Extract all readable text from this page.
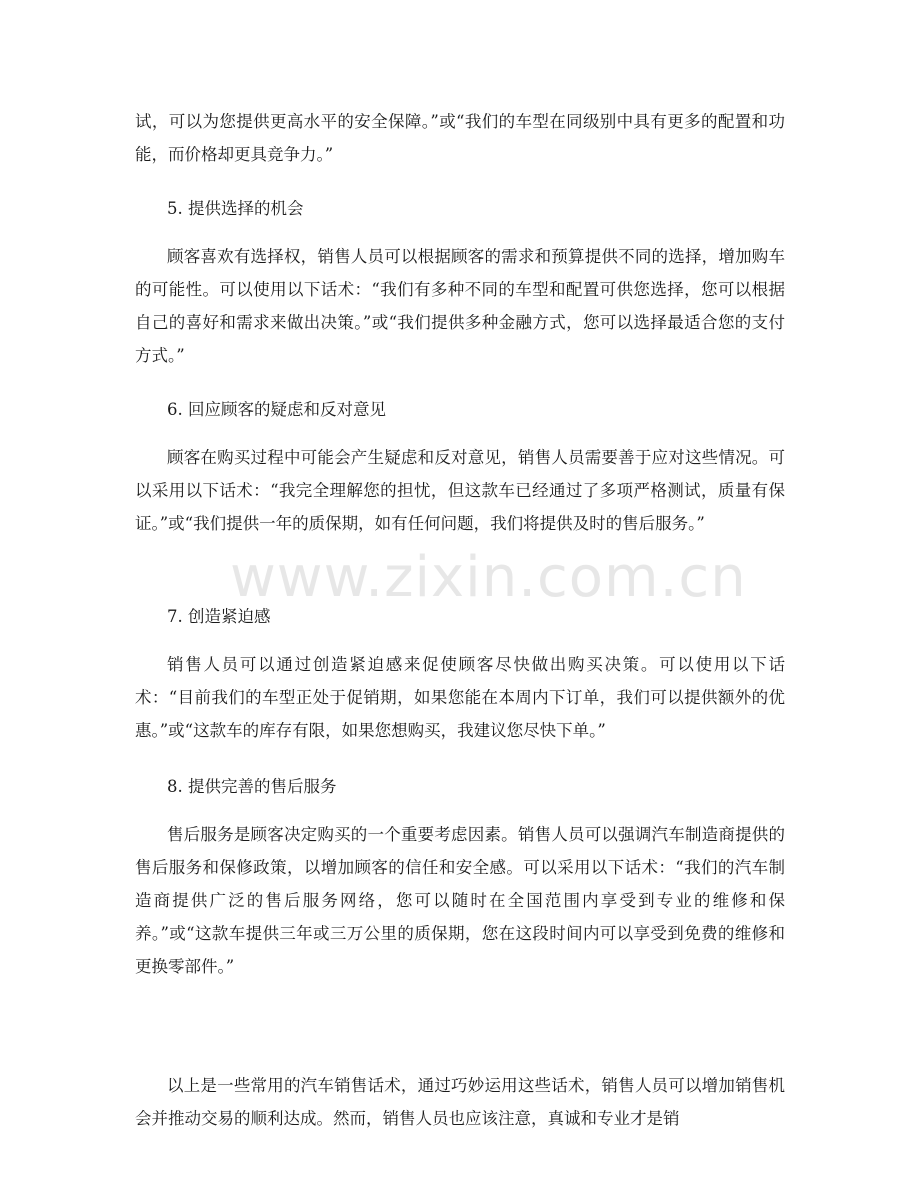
试，可以为您提供更高水平的安全保障。”或“我们的车型在同级别中具有更多的配置和功能，而价格却更具竞争力。”

5. 提供选择的机会

顾客喜欢有选择权，销售人员可以根据顾客的需求和预算提供不同的选择，增加购车的可能性。可以使用以下话术：“我们有多种不同的车型和配置可供您选择，您可以根据自己的喜好和需求来做出决策。”或“我们提供多种金融方式，您可以选择最适合您的支付方式。”

6. 回应顾客的疑虑和反对意见

顾客在购买过程中可能会产生疑虑和反对意见，销售人员需要善于应对这些情况。可以采用以下话术：“我完全理解您的担忧，但这款车已经通过了多项严格测试，质量有保证。”或“我们提供一年的质保期，如有任何问题，我们将提供及时的售后服务。”

7. 创造紧迫感

销售人员可以通过创造紧迫感来促使顾客尽快做出购买决策。可以使用以下话术：“目前我们的车型正处于促销期，如果您能在本周内下订单，我们可以提供额外的优惠。”或“这款车的库存有限，如果您想购买，我建议您尽快下单。”

8. 提供完善的售后服务

售后服务是顾客决定购买的一个重要考虑因素。销售人员可以强调汽车制造商提供的售后服务和保修政策，以增加顾客的信任和安全感。可以采用以下话术：“我们的汽车制造商提供广泛的售后服务网络，您可以随时在全国范围内享受到专业的维修和保养。”或“这款车提供三年或三万公里的质保期，您在这段时间内可以享受到免费的维修和更换零部件。”

以上是一些常用的汽车销售话术，通过巧妙运用这些话术，销售人员可以增加销售机会并推动交易的顺利达成。然而，销售人员也应该注意，真诚和专业才是销

www.zixin.com.cn
